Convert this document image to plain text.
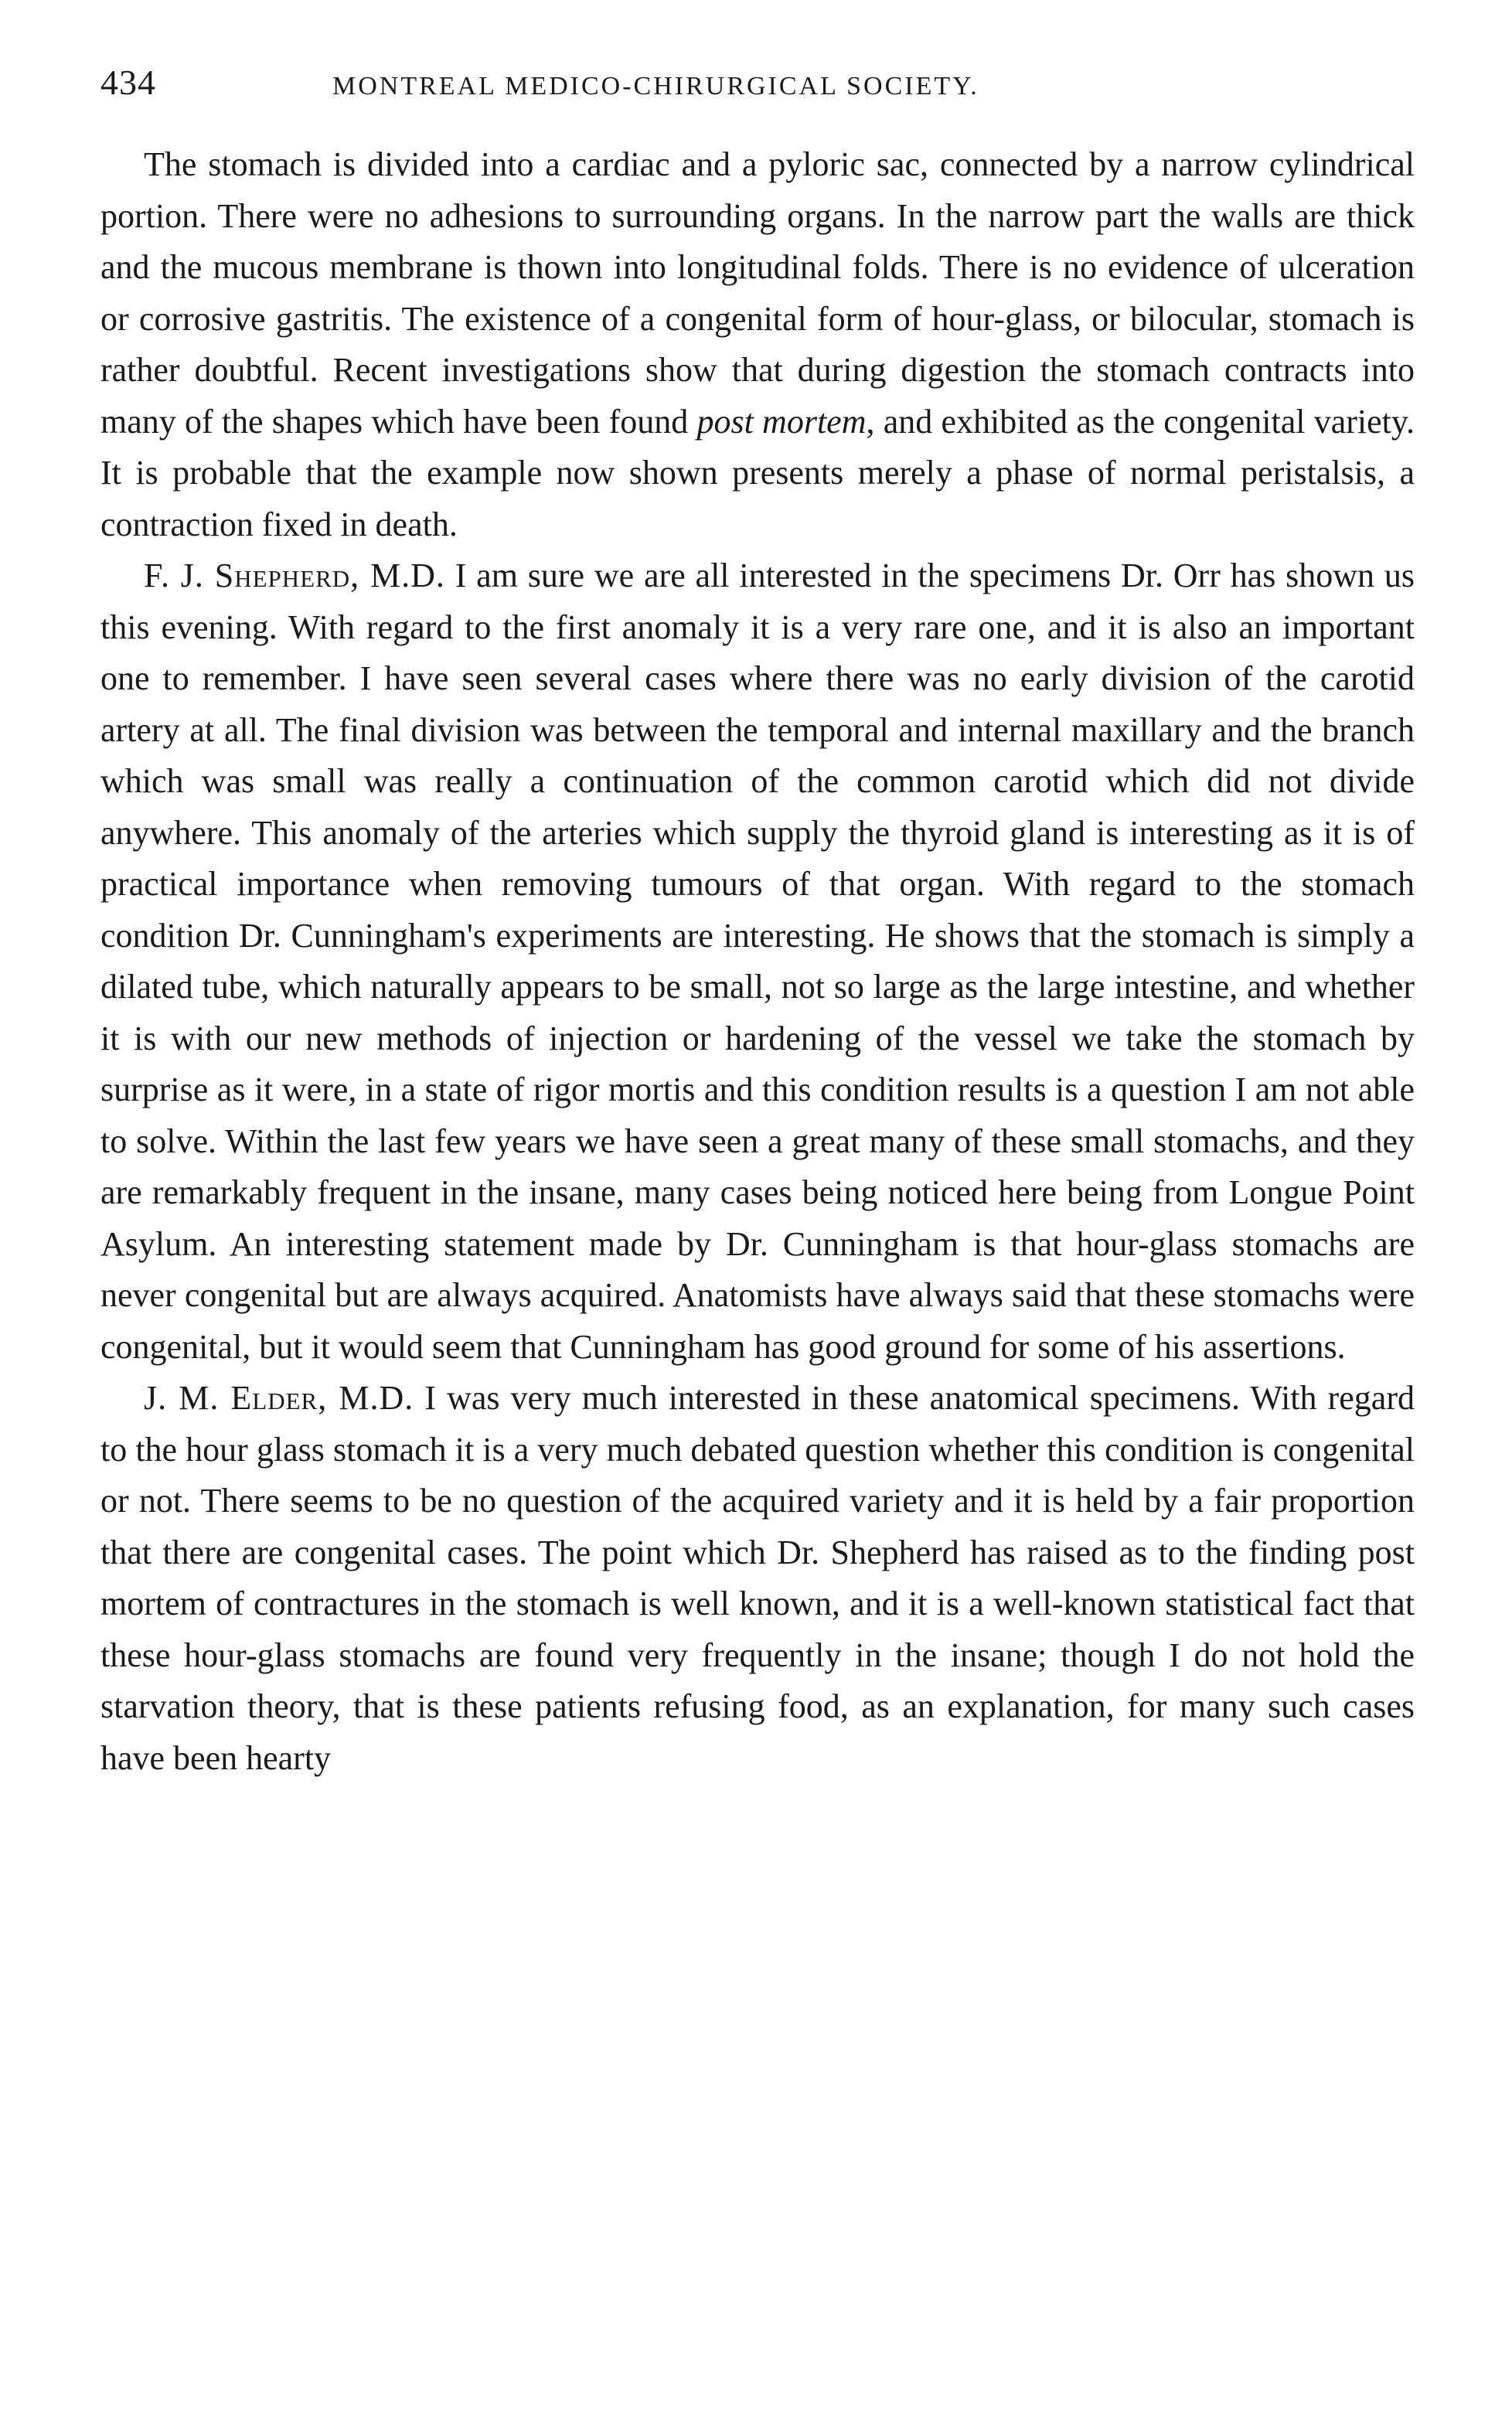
434	MONTREAL MEDICO-CHIRURGICAL SOCIETY.

The stomach is divided into a cardiac and a pyloric sac, connected by a narrow cylindrical portion. There were no adhesions to surrounding organs. In the narrow part the walls are thick and the mucous membrane is thown into longitudinal folds. There is no evidence of ulceration or corrosive gastritis. The existence of a congenital form of hour-glass, or bilocular, stomach is rather doubtful. Recent investigations show that during digestion the stomach contracts into many of the shapes which have been found post mortem, and exhibited as the congenital variety. It is probable that the example now shown presents merely a phase of normal peristalsis, a contraction fixed in death.

F. J. Shepherd, M.D. I am sure we are all interested in the specimens Dr. Orr has shown us this evening. With regard to the first anomaly it is a very rare one, and it is also an important one to remember. I have seen several cases where there was no early division of the carotid artery at all. The final division was between the temporal and internal maxillary and the branch which was small was really a continuation of the common carotid which did not divide anywhere. This anomaly of the arteries which supply the thyroid gland is interesting as it is of practical importance when removing tumours of that organ. With regard to the stomach condition Dr. Cunningham's experiments are interesting. He shows that the stomach is simply a dilated tube, which naturally appears to be small, not so large as the large intestine, and whether it is with our new methods of injection or hardening of the vessel we take the stomach by surprise as it were, in a state of rigor mortis and this condition results is a question I am not able to solve. Within the last few years we have seen a great many of these small stomachs, and they are remarkably frequent in the insane, many cases being noticed here being from Longue Point Asylum. An interesting statement made by Dr. Cunningham is that hour-glass stomachs are never congenital but are always acquired. Anatomists have always said that these stomachs were congenital, but it would seem that Cunningham has good ground for some of his assertions.

J. M. Elder, M.D. I was very much interested in these anatomical specimens. With regard to the hour glass stomach it is a very much debated question whether this condition is congenital or not. There seems to be no question of the acquired variety and it is held by a fair proportion that there are congenital cases. The point which Dr. Shepherd has raised as to the finding post mortem of contractures in the stomach is well known, and it is a well-known statistical fact that these hour-glass stomachs are found very frequently in the insane; though I do not hold the starvation theory, that is these patients refusing food, as an explanation, for many such cases have been hearty
